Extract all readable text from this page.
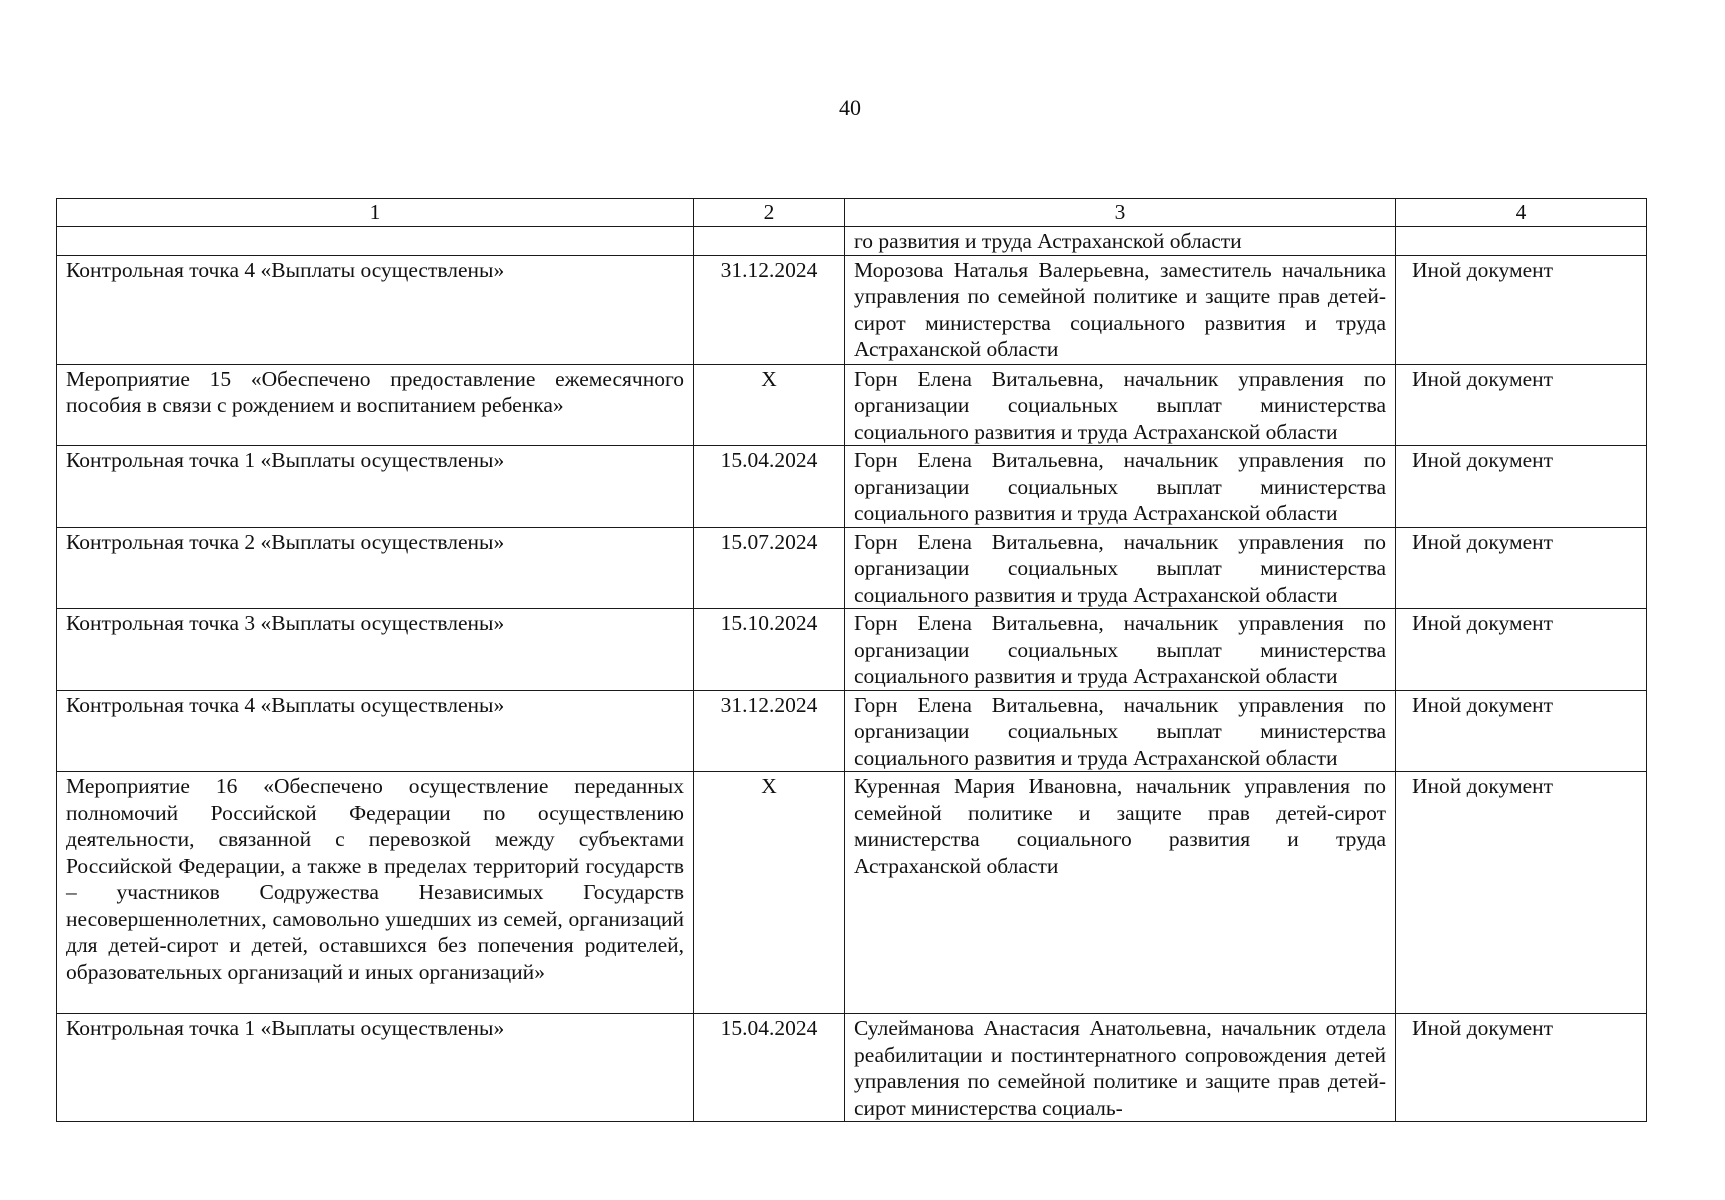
40
1	2	3	4
		го развития и труда Астраханской области	
Контрольная точка 4 «Выплаты осуществлены»	31.12.2024	Морозова Наталья Валерьевна, заместитель начальника управления по семейной политике и защите прав детей-сирот министерства социального развития и труда Астраханской области	Иной документ
Мероприятие 15 «Обеспечено предоставление ежемесячного пособия в связи с рождением и воспитанием ребенка»	X	Горн Елена Витальевна, начальник управления по организации социальных выплат министерства социального развития и труда Астраханской области	Иной документ
Контрольная точка 1 «Выплаты осуществлены»	15.04.2024	Горн Елена Витальевна, начальник управления по организации социальных выплат министерства социального развития и труда Астраханской области	Иной документ
Контрольная точка 2 «Выплаты осуществлены»	15.07.2024	Горн Елена Витальевна, начальник управления по организации социальных выплат министерства социального развития и труда Астраханской области	Иной документ
Контрольная точка 3 «Выплаты осуществлены»	15.10.2024	Горн Елена Витальевна, начальник управления по организации социальных выплат министерства социального развития и труда Астраханской области	Иной документ
Контрольная точка 4 «Выплаты осуществлены»	31.12.2024	Горн Елена Витальевна, начальник управления по организации социальных выплат министерства социального развития и труда Астраханской области	Иной документ
Мероприятие 16 «Обеспечено осуществление переданных полномочий Российской Федерации по осуществлению деятельности, связанной с перевозкой между субъектами Российской Федерации, а также в пределах территорий государств – участников Содружества Независимых Государств несовершеннолетних, самовольно ушедших из семей, организаций для детей-сирот и детей, оставшихся без попечения родителей, образовательных организаций и иных организаций»	X	Куренная Мария Ивановна, начальник управления по семейной политике и защите прав детей-сирот министерства социального развития и труда Астраханской области	Иной документ
Контрольная точка 1 «Выплаты осуществлены»	15.04.2024	Сулейманова Анастасия Анатольевна, начальник отдела реабилитации и постинтернатного сопровождения детей управления по семейной политике и защите прав детей-сирот министерства социаль-	Иной документ
